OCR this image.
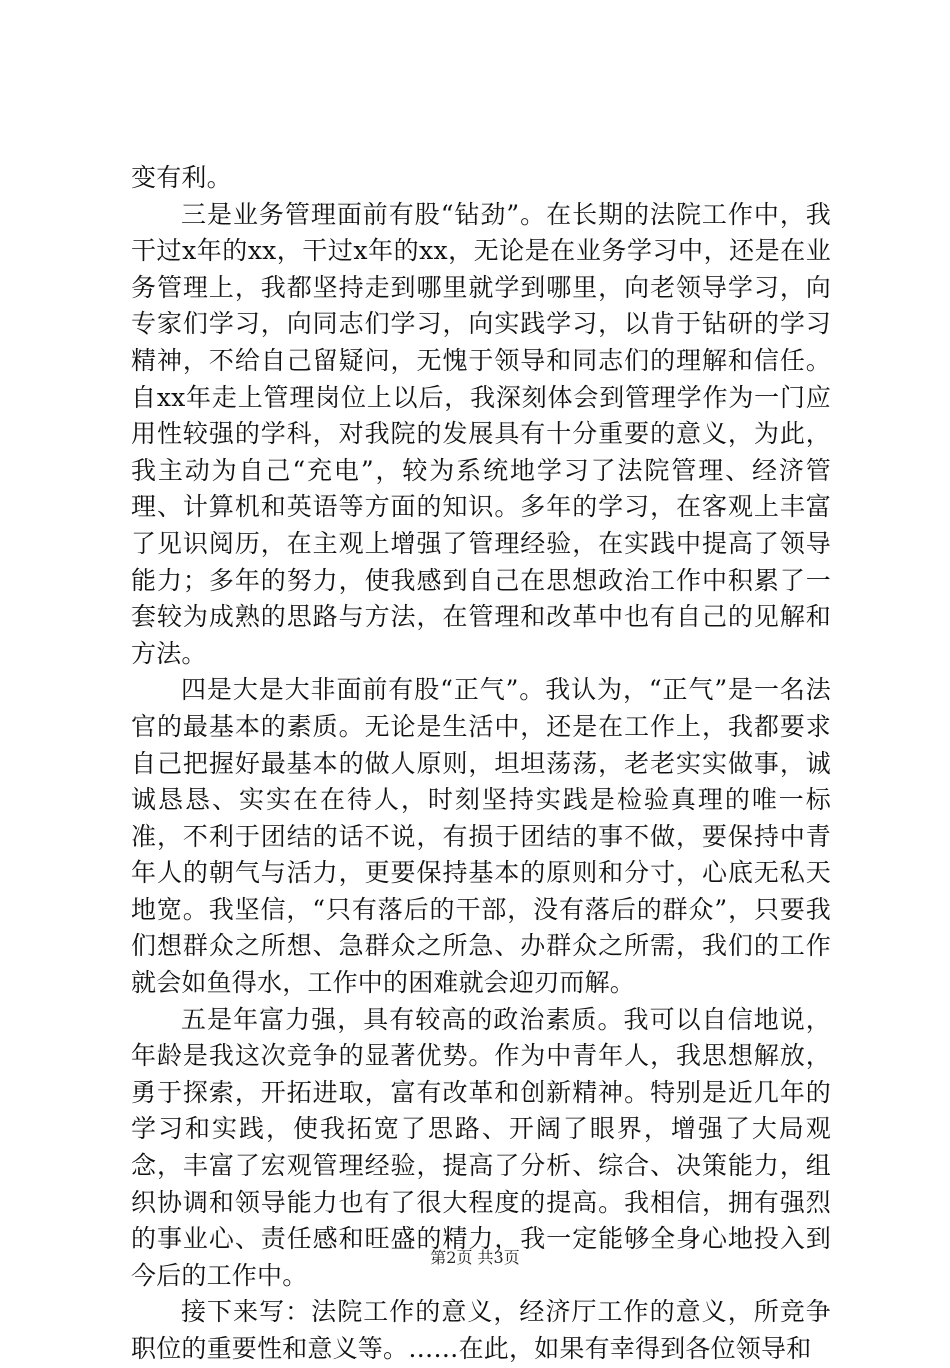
变有利。

三是业务管理面前有股“钻劲”。在长期的法院工作中，我干过x年的xx，干过x年的xx，无论是在业务学习中，还是在业务管理上，我都坚持走到哪里就学到哪里，向老领导学习，向专家们学习，向同志们学习，向实践学习，以肯于钻研的学习精神，不给自己留疑问，无愧于领导和同志们的理解和信任。自xx年走上管理岗位上以后，我深刻体会到管理学作为一门应用性较强的学科，对我院的发展具有十分重要的意义，为此，我主动为自己“充电”，较为系统地学习了法院管理、经济管理、计算机和英语等方面的知识。多年的学习，在客观上丰富了见识阅历，在主观上增强了管理经验，在实践中提高了领导能力；多年的努力，使我感到自己在思想政治工作中积累了一套较为成熟的思路与方法，在管理和改革中也有自己的见解和方法。

四是大是大非面前有股“正气”。我认为，“正气”是一名法官的最基本的素质。无论是生活中，还是在工作上，我都要求自己把握好最基本的做人原则，坦坦荡荡，老老实实做事，诚诚恳恳、实实在在待人，时刻坚持实践是检验真理的唯一标准，不利于团结的话不说，有损于团结的事不做，要保持中青年人的朝气与活力，更要保持基本的原则和分寸，心底无私天地宽。我坚信，“只有落后的干部，没有落后的群众”，只要我们想群众之所想、急群众之所急、办群众之所需，我们的工作就会如鱼得水，工作中的困难就会迎刃而解。

五是年富力强，具有较高的政治素质。我可以自信地说，年龄是我这次竞争的显著优势。作为中青年人，我思想解放，勇于探索，开拓进取，富有改革和创新精神。特别是近几年的学习和实践，使我拓宽了思路、开阔了眼界，增强了大局观念，丰富了宏观管理经验，提高了分析、综合、决策能力，组织协调和领导能力也有了很大程度的提高。我相信，拥有强烈的事业心、责任感和旺盛的精力，我一定能够全身心地投入到今后的工作中。

接下来写：法院工作的意义，经济厅工作的意义，所竞争职位的重要性和意义等。……在此，如果有幸得到各位领导和

第2页 共3页
